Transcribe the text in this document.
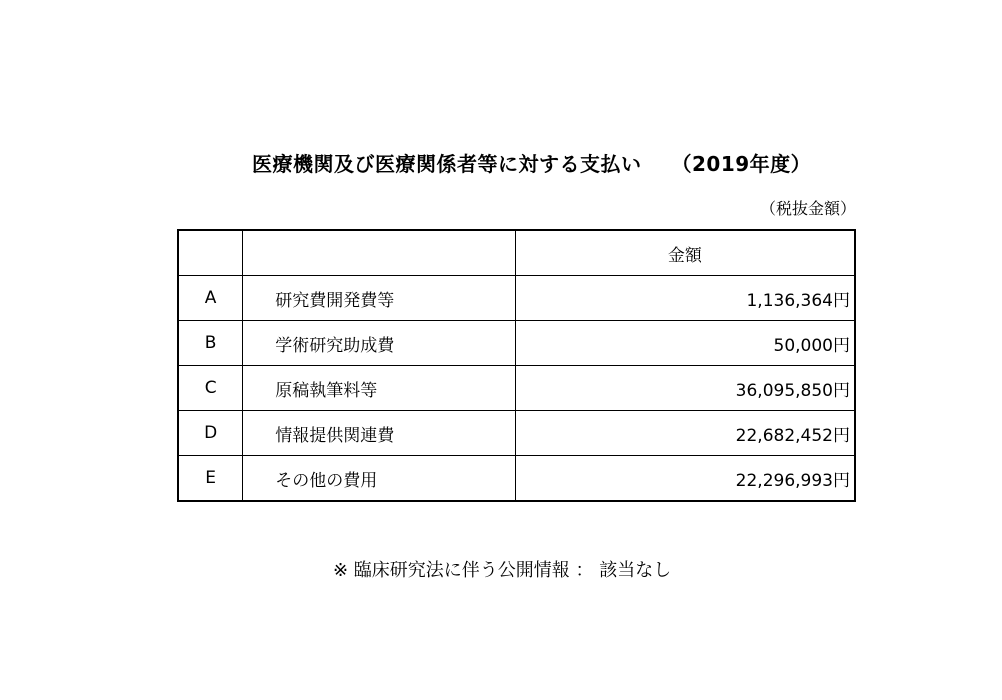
医療機関及び医療関係者等に対する支払い （2019年度）
（税抜金額）
		金額
A	研究費開発費等	1,136,364円
B	学術研究助成費	50,000円
C	原稿執筆料等	36,095,850円
D	情報提供関連費	22,682,452円
E	その他の費用	22,296,993円
※ 臨床研究法に伴う公開情報 ： 該当なし
